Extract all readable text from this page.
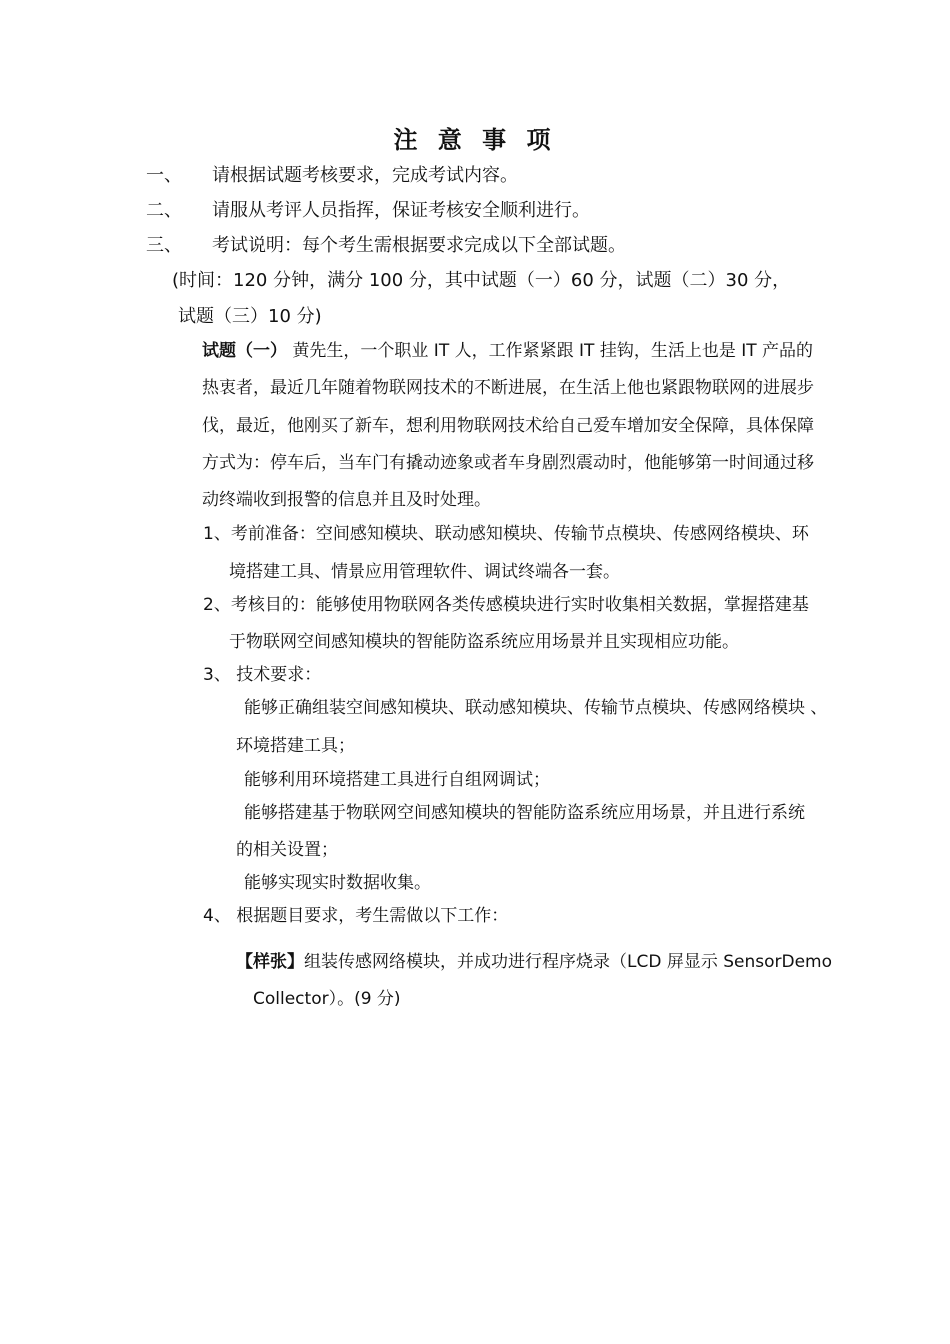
注 意 事 项
一、 请根据试题考核要求，完成考试内容。
二、 请服从考评人员指挥，保证考核安全顺利进行。
三、 考试说明：每个考生需根据要求完成以下全部试题。
(时间：120 分钟，满分 100 分，其中试题（一）60 分，试题（二）30 分，
试题（三）10 分)
试题（一） 黄先生，一个职业 IT 人，工作紧紧跟 IT 挂钩，生活上也是 IT 产品的
热衷者，最近几年随着物联网技术的不断进展，在生活上他也紧跟物联网的进展步
伐，最近，他刚买了新车，想利用物联网技术给自己爱车增加安全保障，具体保障
方式为：停车后，当车门有撬动迹象或者车身剧烈震动时，他能够第一时间通过移
动终端收到报警的信息并且及时处理。
1、考前准备：空间感知模块、联动感知模块、传输节点模块、传感网络模块、环
境搭建工具、情景应用管理软件、调试终端各一套。
2、考核目的：能够使用物联网各类传感模块进行实时收集相关数据，掌握搭建基
于物联网空间感知模块的智能防盗系统应用场景并且实现相应功能。
3、 技术要求：
能够正确组装空间感知模块、联动感知模块、传输节点模块、传感网络模块 、
环境搭建工具；
能够利用环境搭建工具进行自组网调试；
能够搭建基于物联网空间感知模块的智能防盗系统应用场景，并且进行系统
的相关设置；
能够实现实时数据收集。
4、 根据题目要求，考生需做以下工作：
【样张】组装传感网络模块，并成功进行程序烧录（LCD 屏显示 SensorDemo
Collector）。(9 分)
